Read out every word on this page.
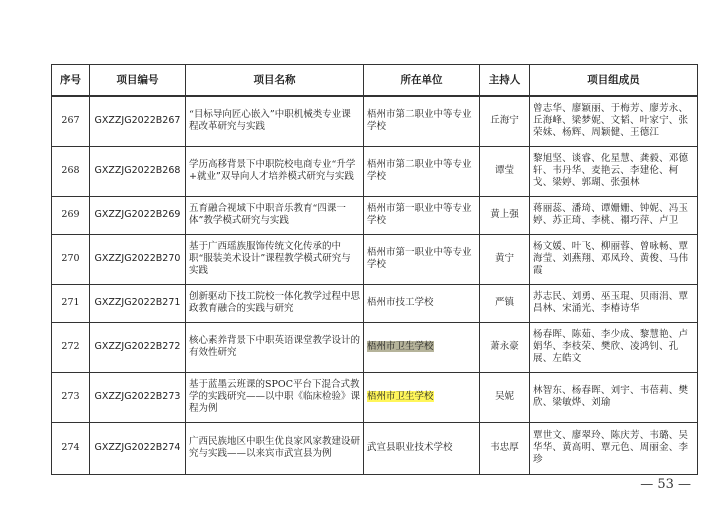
序号	项目编号	项目名称	所在单位	主持人	项目组成员
267	GXZZJG2022B267	“目标导向匠心嵌入”中职机械类专业课程改革研究与实践	梧州市第二职业中等专业学校	丘海宁	曾志华、廖颖丽、于梅芳、廖芳永、丘海峰、梁梦妮、文韬、叶家宁、张荣妹、杨辉、周颖健、王德江
268	GXZZJG2022B268	学历高移背景下中职院校电商专业“升学+就业”双导向人才培养模式研究与实践	梧州市第二职业中等专业学校	谭莹	黎旭坚、谈睿、化星慧、龚毅、邓德轩、韦丹华、麦艳云、李建伦、柯戈、梁婷、郭瑚、张强林
269	GXZZJG2022B269	五育融合视域下中职音乐教育“四课一体”教学模式研究与实践	梧州市第一职业中等专业学校	黄上强	蒋丽蕊、潘琦、谭姗姗、钟妮、冯玉婷、苏正琦、李桃、禤巧萍、卢卫
270	GXZZJG2022B270	基于广西瑶族服饰传统文化传承的中职“服装美术设计”课程教学模式研究与实践	梧州市第一职业中等专业学校	黄宁	杨文媛、叶飞、柳丽蓉、曾咏畅、覃海莹、刘燕翔、邓凤玲、黄俊、马伟霞
271	GXZZJG2022B271	创新驱动下技工院校一体化教学过程中思政教育融合的实践与研究	梧州市技工学校	严镇	苏志民、刘勇、巫玉琨、贝雨涓、覃昌林、宋涌光、李椿诗华
272	GXZZJG2022B272	核心素养背景下中职英语课堂教学设计的有效性研究	梧州市卫生学校	萧永豪	杨春晖、陈茹、李少成、黎慧艳、卢娟华、李枝荣、樊欣、凌鸿钊、孔展、左皓文
273	GXZZJG2022B273	基于蓝墨云班课的SPOC平台下混合式教学的实践研究——以中职《临床检验》课程为例	梧州市卫生学校	吴妮	林智东、杨春晖、刘宇、韦蓓莉、樊欣、梁敏烨、刘瑜
274	GXZZJG2022B274	广西民族地区中职生优良家风家教建设研究与实践——以来宾市武宣县为例	武宣县职业技术学校	韦忠厚	覃世文、廖翠玲、陈庆芳、韦璐、吴华华、黄高明、覃元色、周丽金、李珍
— 53 —
